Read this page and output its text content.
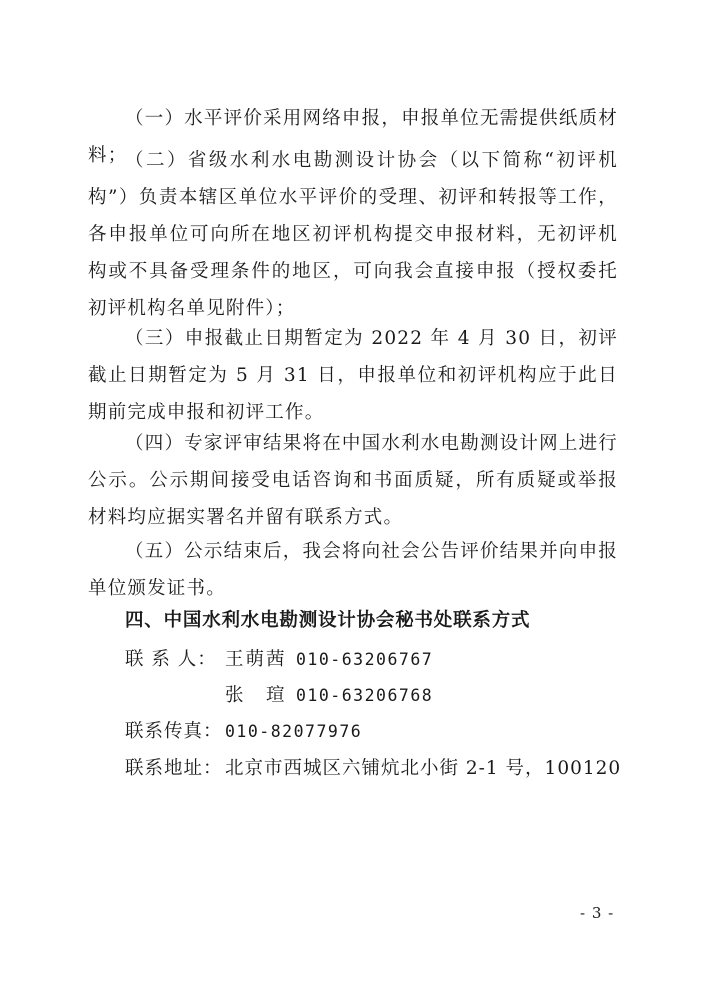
（一）水平评价采用网络申报，申报单位无需提供纸质材料；

（二）省级水利水电勘测设计协会（以下简称“初评机构”）负责本辖区单位水平评价的受理、初评和转报等工作，各申报单位可向所在地区初评机构提交申报材料，无初评机构或不具备受理条件的地区，可向我会直接申报（授权委托初评机构名单见附件）；

（三）申报截止日期暂定为 2022 年 4 月 30 日，初评截止日期暂定为 5 月 31 日，申报单位和初评机构应于此日期前完成申报和初评工作。

（四）专家评审结果将在中国水利水电勘测设计网上进行公示。公示期间接受电话咨询和书面质疑，所有质疑或举报材料均应据实署名并留有联系方式。

（五）公示结束后，我会将向社会公告评价结果并向申报单位颁发证书。

四、中国水利水电勘测设计协会秘书处联系方式

联 系 人： 王萌茜 010-63206767
张　瑄 010-63206768
联系传真： 010-82077976
联系地址： 北京市西城区六铺炕北小街 2-1 号，100120
- 3 -
